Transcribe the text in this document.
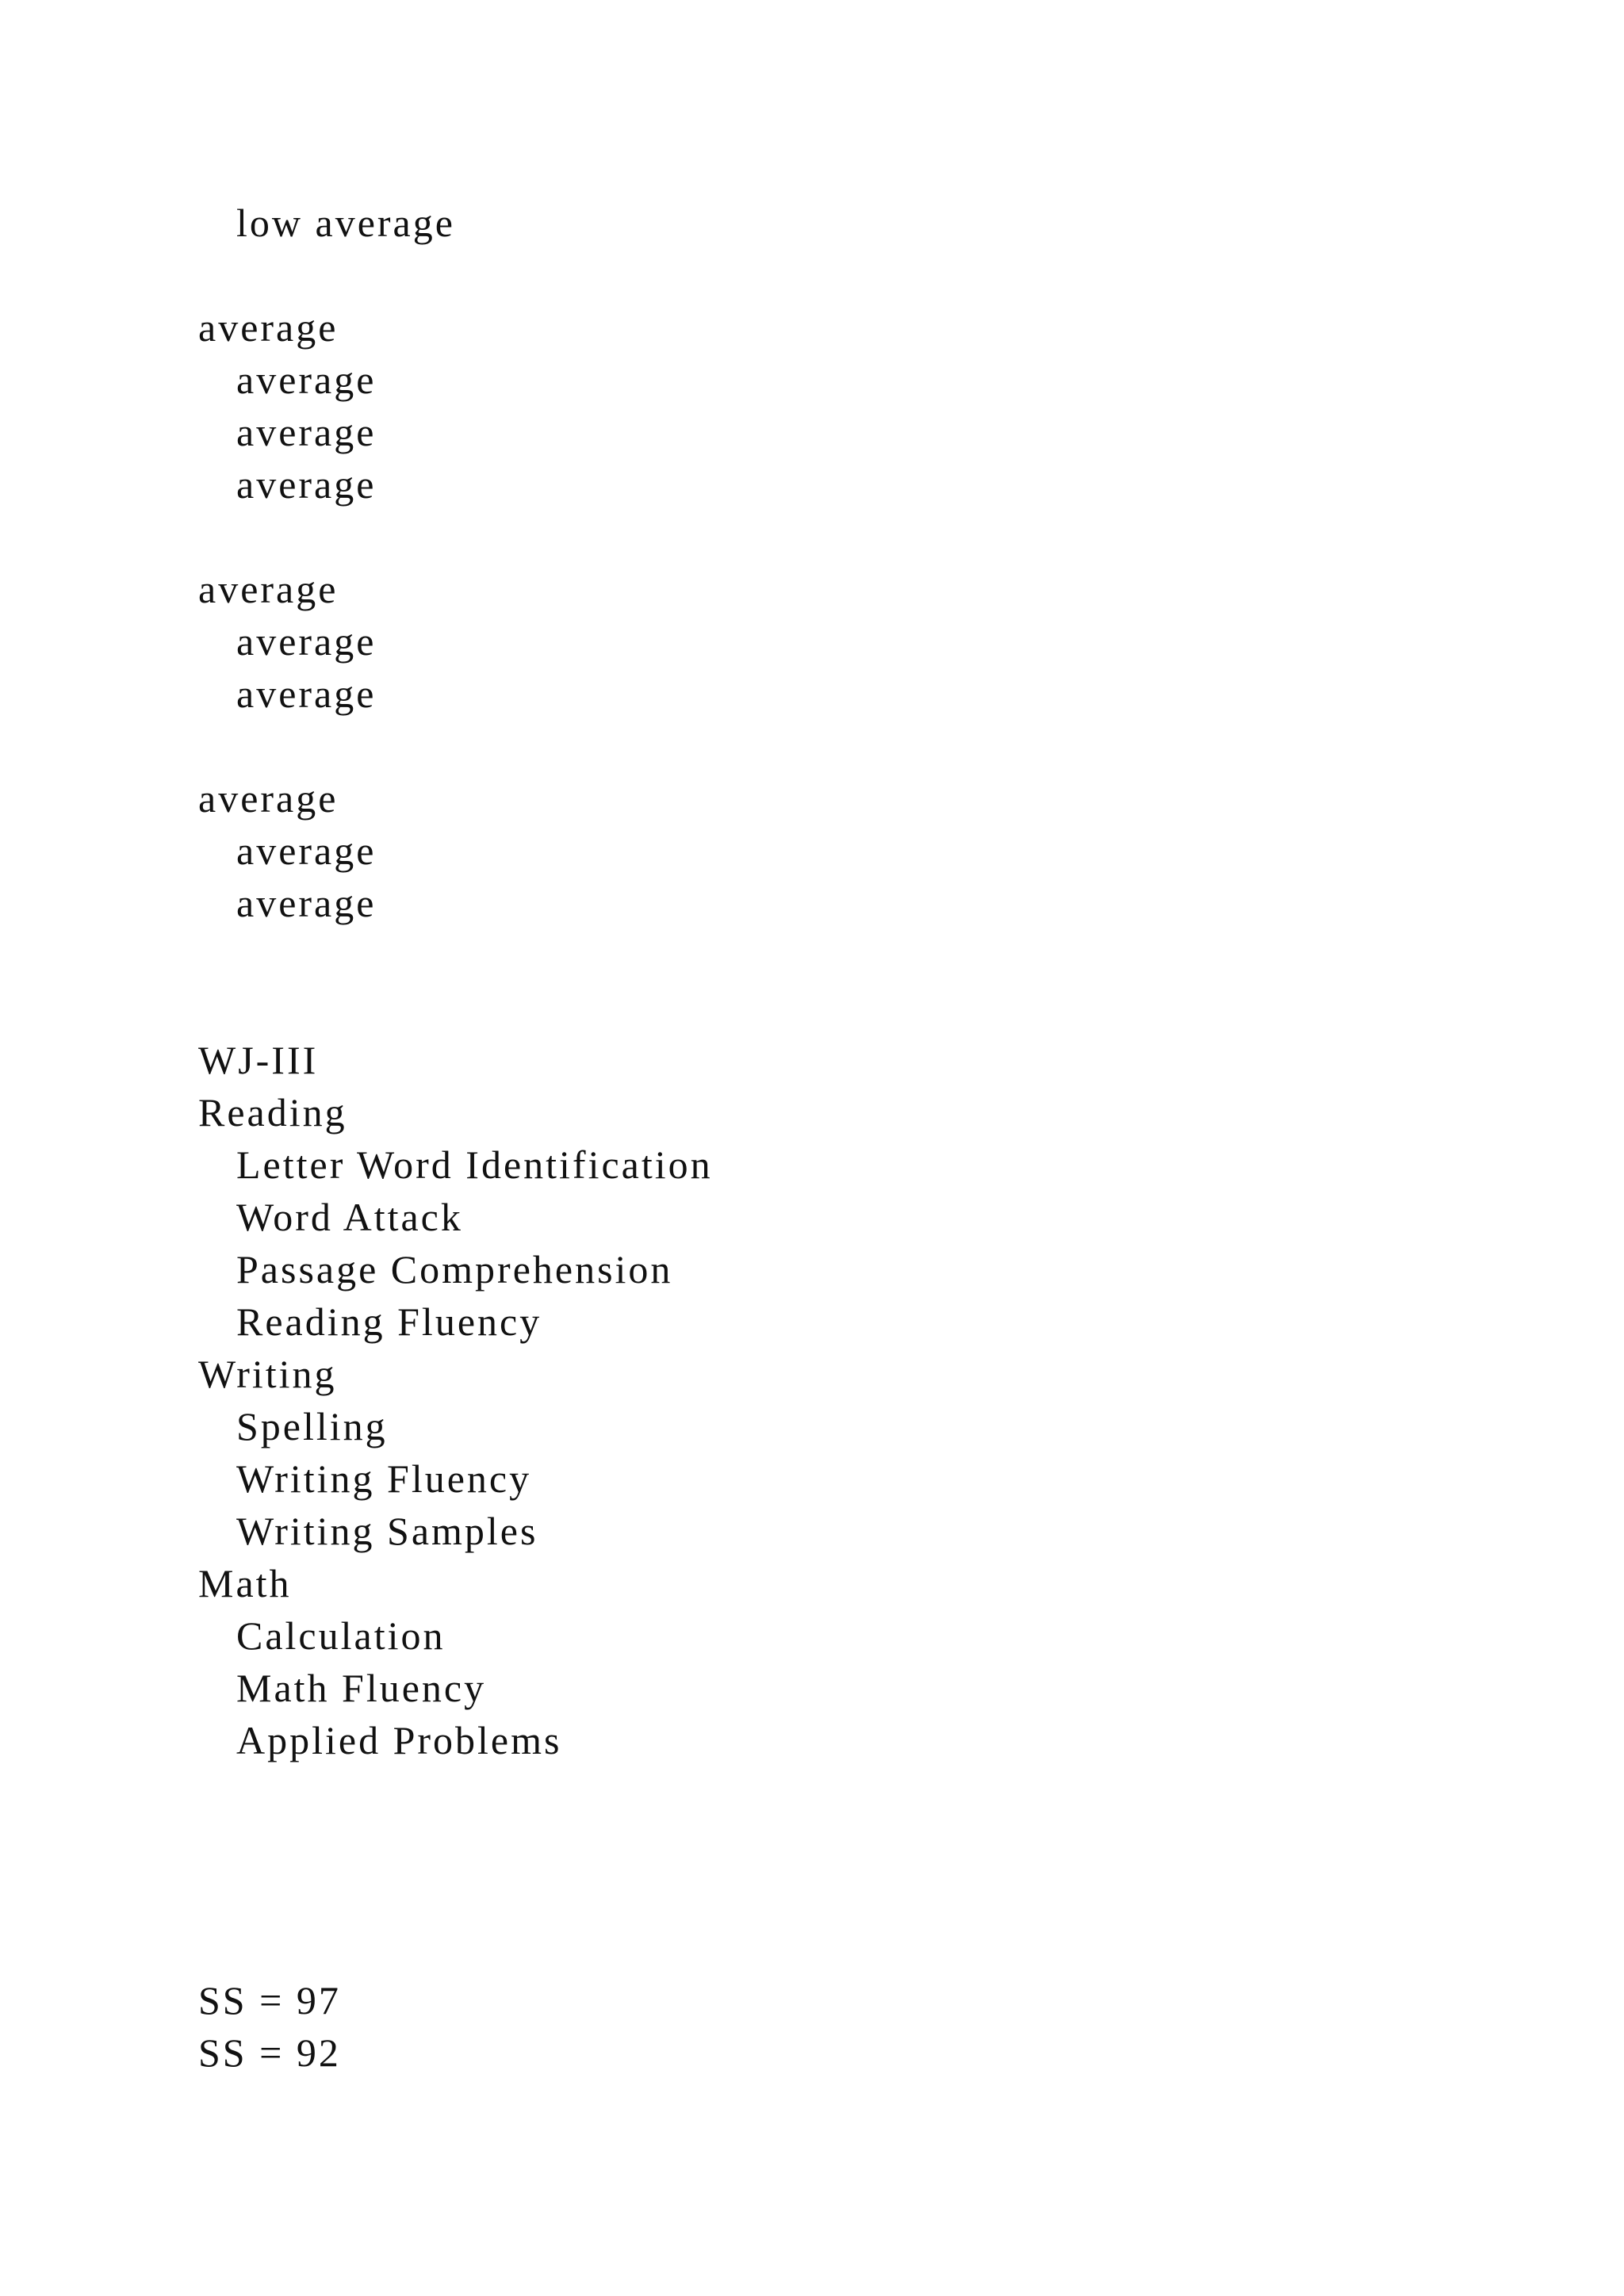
low average
average
average
average
average
average
average
average
average
average
average
WJ-III
Reading
Letter Word Identification
Word Attack
Passage Comprehension
Reading Fluency
Writing
Spelling
Writing Fluency
Writing Samples
Math
Calculation
Math Fluency
Applied Problems
SS = 97
SS = 92
